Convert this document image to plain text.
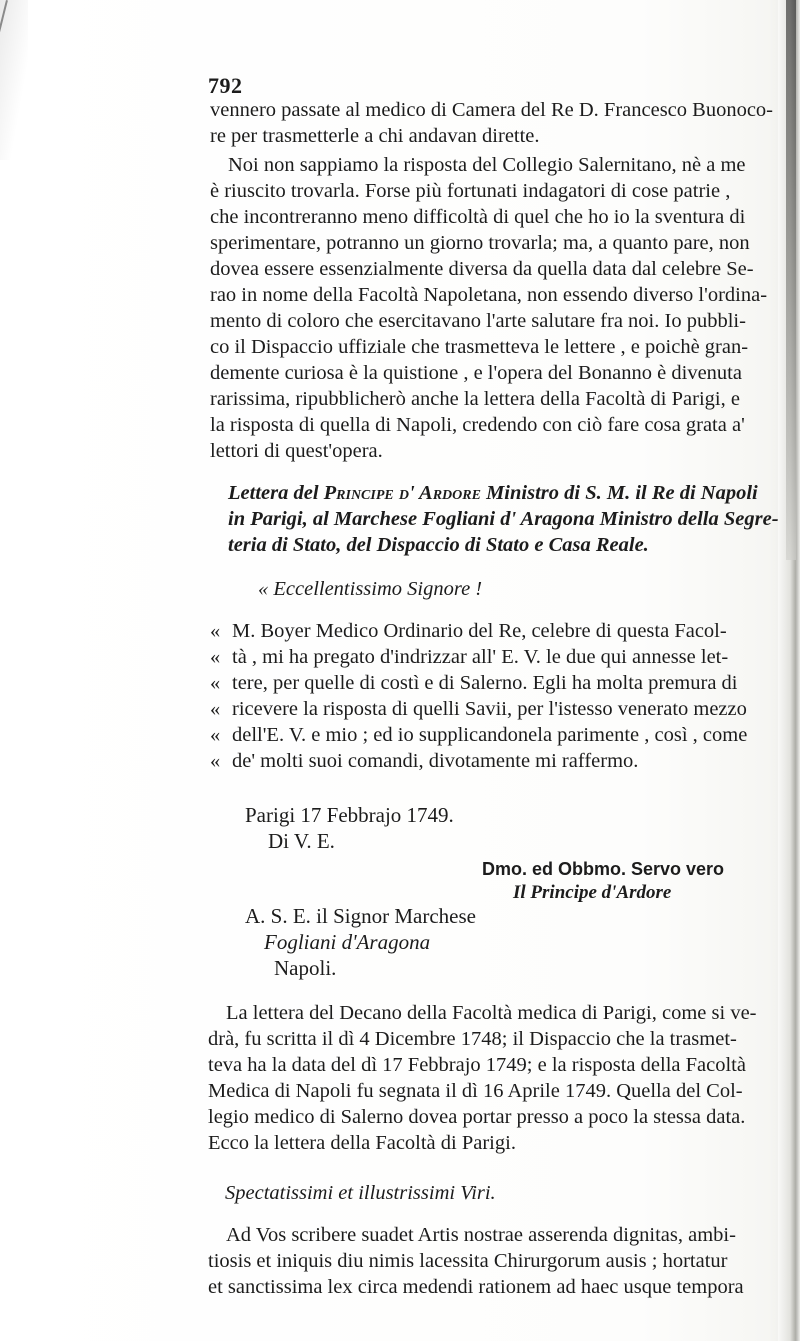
792
vennero passate al medico di Camera del Re D. Francesco Buonoco-
re per trasmetterle a chi andavan dirette.
Noi non sappiamo la risposta del Collegio Salernitano, nè a me
è riuscito trovarla. Forse più fortunati indagatori di cose patrie ,
che incontreranno meno difficoltà di quel che ho io la sventura di
sperimentare, potranno un giorno trovarla; ma, a quanto pare, non
dovea essere essenzialmente diversa da quella data dal celebre Se-
rao in nome della Facoltà Napoletana, non essendo diverso l'ordina-
mento di coloro che esercitavano l'arte salutare fra noi. Io pubbli-
co il Dispaccio uffiziale che trasmetteva le lettere , e poichè gran-
demente curiosa è la quistione , e l'opera del Bonanno è divenuta
rarissima, ripubblicherò anche la lettera della Facoltà di Parigi, e
la risposta di quella di Napoli, credendo con ciò fare cosa grata a'
lettori di quest'opera.
Lettera del Principe d' Ardore Ministro di S. M. il Re di Napoli
in Parigi, al Marchese Fogliani d' Aragona Ministro della Segre-
teria di Stato, del Dispaccio di Stato e Casa Reale.
« Eccellentissimo Signore !
« M. Boyer Medico Ordinario del Re, celebre di questa Facol-
« tà , mi ha pregato d'indrizzar all' E. V. le due qui annesse let-
« tere, per quelle di costì e di Salerno. Egli ha molta premura di
« ricevere la risposta di quelli Savii, per l'istesso venerato mezzo
« dell'E. V. e mio ; ed io supplicandonela parimente , così , come
« de' molti suoi comandi, divotamente mi raffermo.
Parigi 17 Febbrajo 1749.
Di V. E.
Dmo. ed Obbmo. Servo vero
Il Principe d'Ardore
A. S. E. il Signor Marchese
Fogliani d'Aragona
Napoli.
La lettera del Decano della Facoltà medica di Parigi, come si ve-
drà, fu scritta il dì 4 Dicembre 1748; il Dispaccio che la trasmet-
teva ha la data del dì 17 Febbrajo 1749; e la risposta della Facoltà
Medica di Napoli fu segnata il dì 16 Aprile 1749. Quella del Col-
legio medico di Salerno dovea portar presso a poco la stessa data.
Ecco la lettera della Facoltà di Parigi.
Spectatissimi et illustrissimi Viri.
Ad Vos scribere suadet Artis nostrae asserenda dignitas, ambi-
tiosis et iniquis diu nimis lacessita Chirurgorum ausis ; hortatur
et sanctissima lex circa medendi rationem ad haec usque tempora
